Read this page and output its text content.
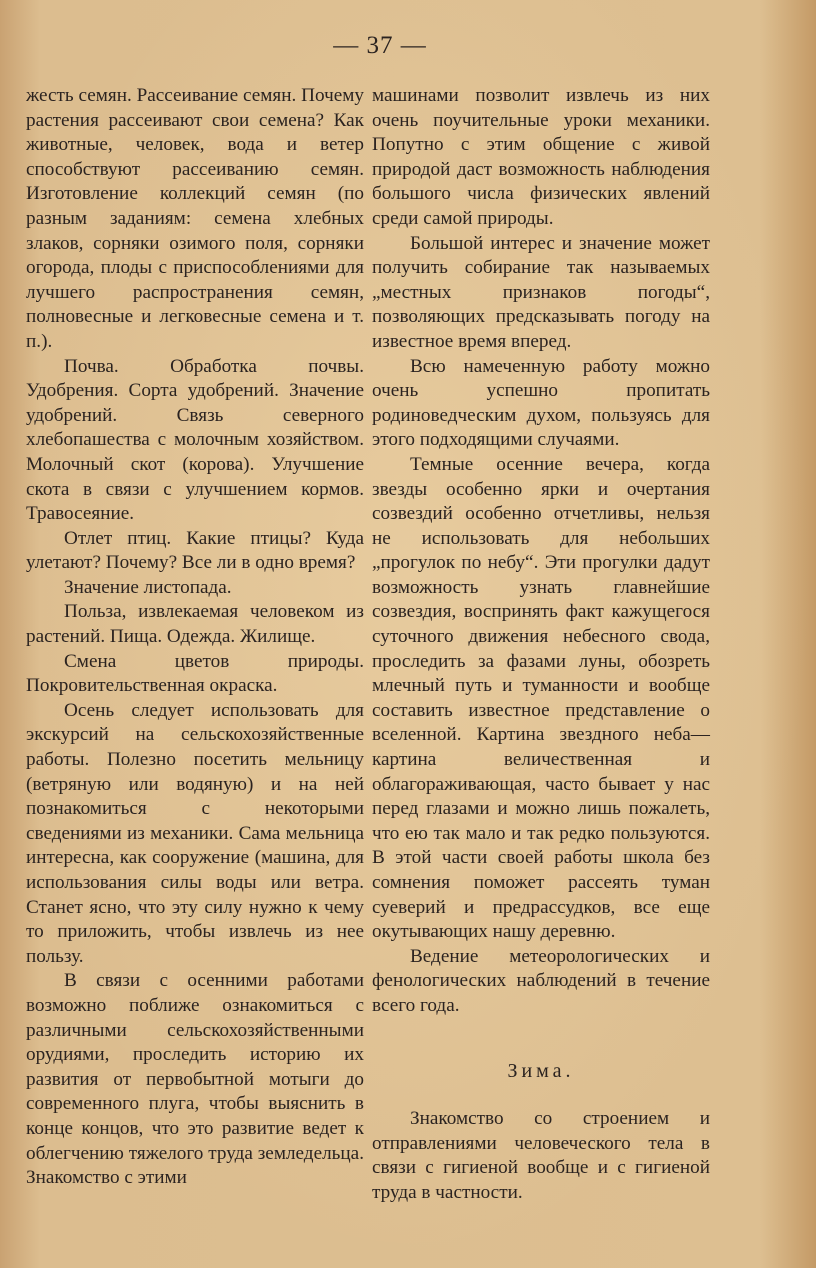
— 37 —

жесть семян. Рассеивание семян. Почему растения рассеивают свои семена? Как животные, человек, вода и ветер способствуют рассеиванию семян. Изготовление коллекций семян (по разным заданиям: семена хлебных злаков, сорняки озимого поля, сорняки огорода, плоды с приспособлениями для лучшего распространения семян, полновесные и легковесные семена и т. п.).

Почва. Обработка почвы. Удобрения. Сорта удобрений. Значение удобрений. Связь северного хлебопашества с молочным хозяйством. Молочный скот (корова). Улучшение скота в связи с улучшением кормов. Травосеяние.

Отлет птиц. Какие птицы? Куда улетают? Почему? Все ли в одно время?

Значение листопада.

Польза, извлекаемая человеком из растений. Пища. Одежда. Жилище.

Смена цветов природы. Покровительственная окраска.

Осень следует использовать для экскурсий на сельскохозяйственные работы. Полезно посетить мельницу (ветряную или водяную) и на ней познакомиться с некоторыми сведениями из механики. Сама мельница интересна, как сооружение (машина, для использования силы воды или ветра. Станет ясно, что эту силу нужно к чему то приложить, чтобы извлечь из нее пользу.

В связи с осенними работами возможно поближе ознакомиться с различными сельскохозяйственными орудиями, проследить историю их развития от первобытной мотыги до современного плуга, чтобы выяснить в конце концов, что это развитие ведет к облегчению тяжелого труда земледельца. Знакомство с этими

машинами позволит извлечь из них очень поучительные уроки механики. Попутно с этим общение с живой природой даст возможность наблюдения большого числа физических явлений среди самой природы.

Большой интерес и значение может получить собирание так называемых „местных признаков погоды“, позволяющих предсказывать погоду на известное время вперед.

Всю намеченную работу можно очень успешно пропитать родиноведческим духом, пользуясь для этого подходящими случаями.

Темные осенние вечера, когда звезды особенно ярки и очертания созвездий особенно отчетливы, нельзя не использовать для небольших „прогулок по небу“. Эти прогулки дадут возможность узнать главнейшие созвездия, воспринять факт кажущегося суточного движения небесного свода, проследить за фазами луны, обозреть млечный путь и туманности и вообще составить известное представление о вселенной. Картина звездного неба—картина величественная и облагораживающая, часто бывает у нас перед глазами и можно лишь пожалеть, что ею так мало и так редко пользуются. В этой части своей работы школа без сомнения поможет рассеять туман суеверий и предрассудков, все еще окутывающих нашу деревню.

Ведение метеорологических и фенологических наблюдений в течение всего года.

Зима.

Знакомство со строением и отправлениями человеческого тела в связи с гигиеной вообще и с гигиеной труда в частности.
